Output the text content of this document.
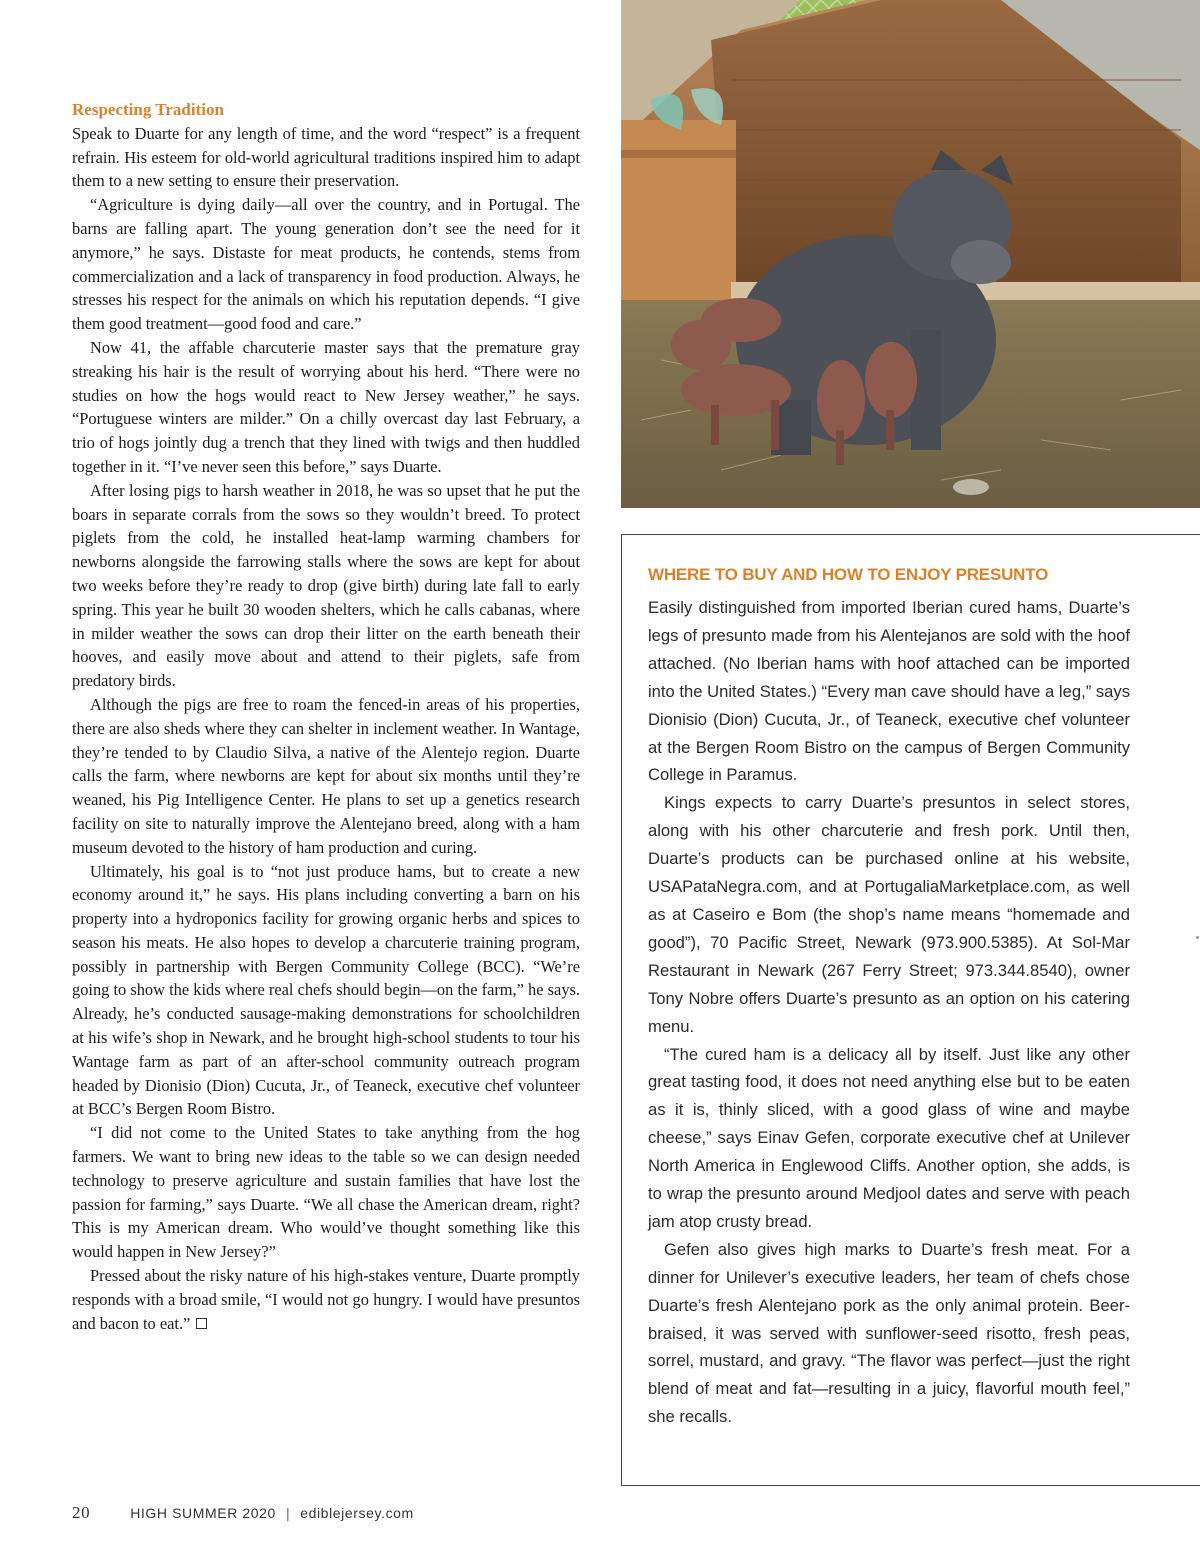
Respecting Tradition

Speak to Duarte for any length of time, and the word “respect” is a frequent refrain. His esteem for old-world agricultural traditions inspired him to adapt them to a new setting to ensure their preservation.

“Agriculture is dying daily—all over the country, and in Portugal. The barns are falling apart. The young generation don’t see the need for it anymore,” he says. Distaste for meat products, he contends, stems from commercialization and a lack of transparency in food production. Always, he stresses his respect for the animals on which his reputation depends. “I give them good treatment—good food and care.”

Now 41, the affable charcuterie master says that the premature gray streaking his hair is the result of worrying about his herd. “There were no studies on how the hogs would react to New Jersey weather,” he says. “Portuguese winters are milder.” On a chilly overcast day last February, a trio of hogs jointly dug a trench that they lined with twigs and then huddled together in it. “I’ve never seen this before,” says Duarte.

After losing pigs to harsh weather in 2018, he was so upset that he put the boars in separate corrals from the sows so they wouldn’t breed. To protect piglets from the cold, he installed heat-lamp warming chambers for newborns alongside the farrowing stalls where the sows are kept for about two weeks before they’re ready to drop (give birth) during late fall to early spring. This year he built 30 wooden shelters, which he calls cabanas, where in milder weather the sows can drop their litter on the earth beneath their hooves, and easily move about and attend to their piglets, safe from predatory birds.

Although the pigs are free to roam the fenced-in areas of his properties, there are also sheds where they can shelter in inclement weather. In Wantage, they’re tended to by Claudio Silva, a native of the Alentejo region. Duarte calls the farm, where newborns are kept for about six months until they’re weaned, his Pig Intelligence Center. He plans to set up a genetics research facility on site to naturally improve the Alentejano breed, along with a ham museum devoted to the history of ham production and curing.

Ultimately, his goal is to “not just produce hams, but to create a new economy around it,” he says. His plans including converting a barn on his property into a hydroponics facility for growing organic herbs and spices to season his meats. He also hopes to develop a charcuterie training program, possibly in partnership with Bergen Community College (BCC). “We’re going to show the kids where real chefs should begin—on the farm,” he says. Already, he’s conducted sausage-making demonstrations for schoolchildren at his wife’s shop in Newark, and he brought high-school students to tour his Wantage farm as part of an after-school community outreach program headed by Dionisio (Dion) Cucuta, Jr., of Teaneck, executive chef volunteer at BCC’s Bergen Room Bistro.

“I did not come to the United States to take anything from the hog farmers. We want to bring new ideas to the table so we can design needed technology to preserve agriculture and sustain families that have lost the passion for farming,” says Duarte. “We all chase the American dream, right? This is my American dream. Who would’ve thought something like this would happen in New Jersey?”

Pressed about the risky nature of his high-stakes venture, Duarte promptly responds with a broad smile, “I would not go hungry. I would have presuntos and bacon to eat.”

WHERE TO BUY AND HOW TO ENJOY PRESUNTO

Easily distinguished from imported Iberian cured hams, Duarte’s legs of presunto made from his Alentejanos are sold with the hoof attached. (No Iberian hams with hoof attached can be imported into the United States.) “Every man cave should have a leg,” says Dionisio (Dion) Cucuta, Jr., of Teaneck, executive chef volunteer at the Bergen Room Bistro on the campus of Bergen Community College in Paramus.

Kings expects to carry Duarte’s presuntos in select stores, along with his other charcuterie and fresh pork. Until then, Duarte’s products can be purchased online at his website, USAPataNegra.com, and at PortugaliaMarketplace.com, as well as at Caseiro e Bom (the shop’s name means “homemade and good”), 70 Pacific Street, Newark (973.900.5385). At Sol-Mar Restaurant in Newark (267 Ferry Street; 973.344.8540), owner Tony Nobre offers Duarte’s presunto as an option on his catering menu.

“The cured ham is a delicacy all by itself. Just like any other great tasting food, it does not need anything else but to be eaten as it is, thinly sliced, with a good glass of wine and maybe cheese,” says Einav Gefen, corporate executive chef at Unilever North America in Englewood Cliffs. Another option, she adds, is to wrap the presunto around Medjool dates and serve with peach jam atop crusty bread.

Gefen also gives high marks to Duarte’s fresh meat. For a dinner for Unilever’s executive leaders, her team of chefs chose Duarte’s fresh Alentejano pork as the only animal protein. Beer-braised, it was served with sunflower-seed risotto, fresh peas, sorrel, mustard, and gravy. “The flavor was perfect—just the right blend of meat and fat—resulting in a juicy, flavorful mouth feel,” she recalls.

20	HIGH SUMMER 2020 | ediblejersey.com
